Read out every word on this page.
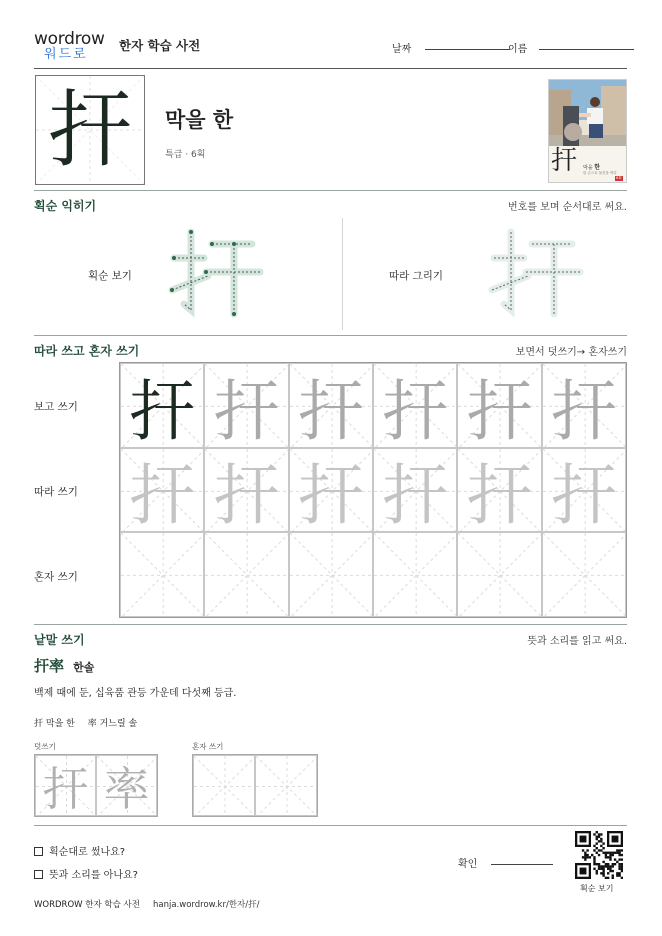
wordrow
워드로
한자 학습 사전	날짜	이름
扞	막을 한
특급 · 6획	扞 막을 한
한 손으로 물건을 막다
6획
획순 익히기	번호를 보며 순서대로 써요.
획순 보기	따라 그리기
따라 쓰고 혼자 쓰기	보면서 덧쓰기→ 혼자쓰기
보고 쓰기
따라 쓰기
혼자 쓰기
扞 扞 扞 扞 扞 扞
扞 扞 扞 扞 扞 扞
낱말 쓰기	뜻과 소리를 읽고 써요.
扞率 한솔
백제 때에 둔, 십육품 관등 가운데 다섯째 등급.
扞 막을 한 率 거느릴 솔
덧쓰기	혼자 쓰기
扞 率
획순대로 썼나요?
뜻과 소리를 아나요?
확인
획순 보기
WORDROW 한자 학습 사전 hanja.wordrow.kr/한자/扞/
